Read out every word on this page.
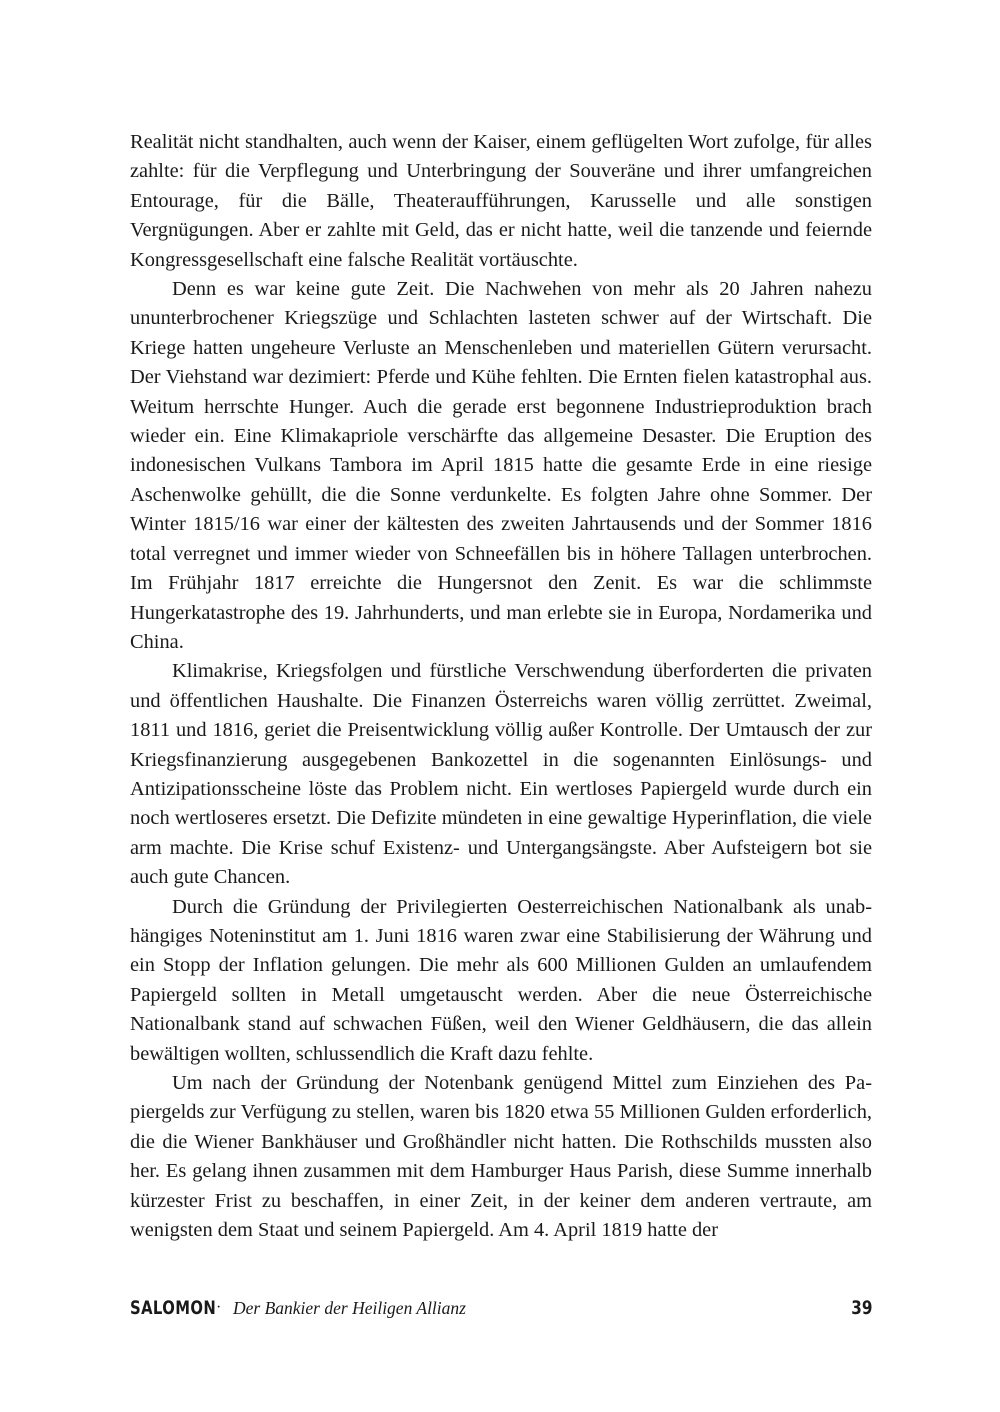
Realität nicht standhalten, auch wenn der Kaiser, einem geflügelten Wort zufolge, für alles zahlte: für die Verpflegung und Unterbringung der Souveräne und ihrer umfangreichen Entourage, für die Bälle, Theateraufführungen, Karusselle und alle sonstigen Vergnügungen. Aber er zahlte mit Geld, das er nicht hatte, weil die tanzende und feiernde Kongressgesellschaft eine falsche Realität vortäuschte.

Denn es war keine gute Zeit. Die Nachwehen von mehr als 20 Jahren nahezu ununterbrochener Kriegszüge und Schlachten lasteten schwer auf der Wirtschaft. Die Kriege hatten ungeheure Verluste an Menschenleben und materiellen Gütern verursacht. Der Viehstand war dezimiert: Pferde und Kühe fehlten. Die Ernten fielen katastrophal aus. Weitum herrschte Hunger. Auch die gerade erst begonnene Industrieproduktion brach wieder ein. Eine Klimakapriole verschärfte das allgemeine Desaster. Die Eruption des indonesischen Vulkans Tambora im April 1815 hatte die gesamte Erde in eine riesige Aschenwolke gehüllt, die die Sonne verdunkelte. Es folgten Jahre ohne Sommer. Der Winter 1815/16 war einer der kältesten des zweiten Jahrtausends und der Sommer 1816 total verregnet und immer wieder von Schneefällen bis in höhere Tallagen unterbrochen. Im Frühjahr 1817 erreichte die Hungersnot den Zenit. Es war die schlimmste Hungerkatastrophe des 19. Jahrhunderts, und man erlebte sie in Europa, Nordamerika und China.

Klimakrise, Kriegsfolgen und fürstliche Verschwendung überforderten die privaten und öffentlichen Haushalte. Die Finanzen Österreichs waren völlig zerrüttet. Zweimal, 1811 und 1816, geriet die Preisentwicklung völlig außer Kontrolle. Der Umtausch der zur Kriegsfinanzierung ausgegebenen Bankozettel in die sogenannten Einlösungs- und Antizipationsscheine löste das Problem nicht. Ein wertloses Papiergeld wurde durch ein noch wertloseres ersetzt. Die Defizite mündeten in eine gewaltige Hyperinflation, die viele arm machte. Die Krise schuf Existenz- und Untergangsängste. Aber Aufsteigern bot sie auch gute Chancen.

Durch die Gründung der Privilegierten Oesterreichischen Nationalbank als unabhängiges Noteninstitut am 1. Juni 1816 waren zwar eine Stabilisierung der Währung und ein Stopp der Inflation gelungen. Die mehr als 600 Millionen Gulden an umlaufendem Papiergeld sollten in Metall umgetauscht werden. Aber die neue Österreichische Nationalbank stand auf schwachen Füßen, weil den Wiener Geldhäusern, die das allein bewältigen wollten, schlussendlich die Kraft dazu fehlte.

Um nach der Gründung der Notenbank genügend Mittel zum Einziehen des Papiergelds zur Verfügung zu stellen, waren bis 1820 etwa 55 Millionen Gulden erforderlich, die die Wiener Bankhäuser und Großhändler nicht hatten. Die Rothschilds mussten also her. Es gelang ihnen zusammen mit dem Hamburger Haus Parish, diese Summe innerhalb kürzester Frist zu beschaffen, in einer Zeit, in der keiner dem anderen vertraute, am wenigsten dem Staat und seinem Papiergeld. Am 4. April 1819 hatte der

SALOMON · Der Bankier der Heiligen Allianz	39
